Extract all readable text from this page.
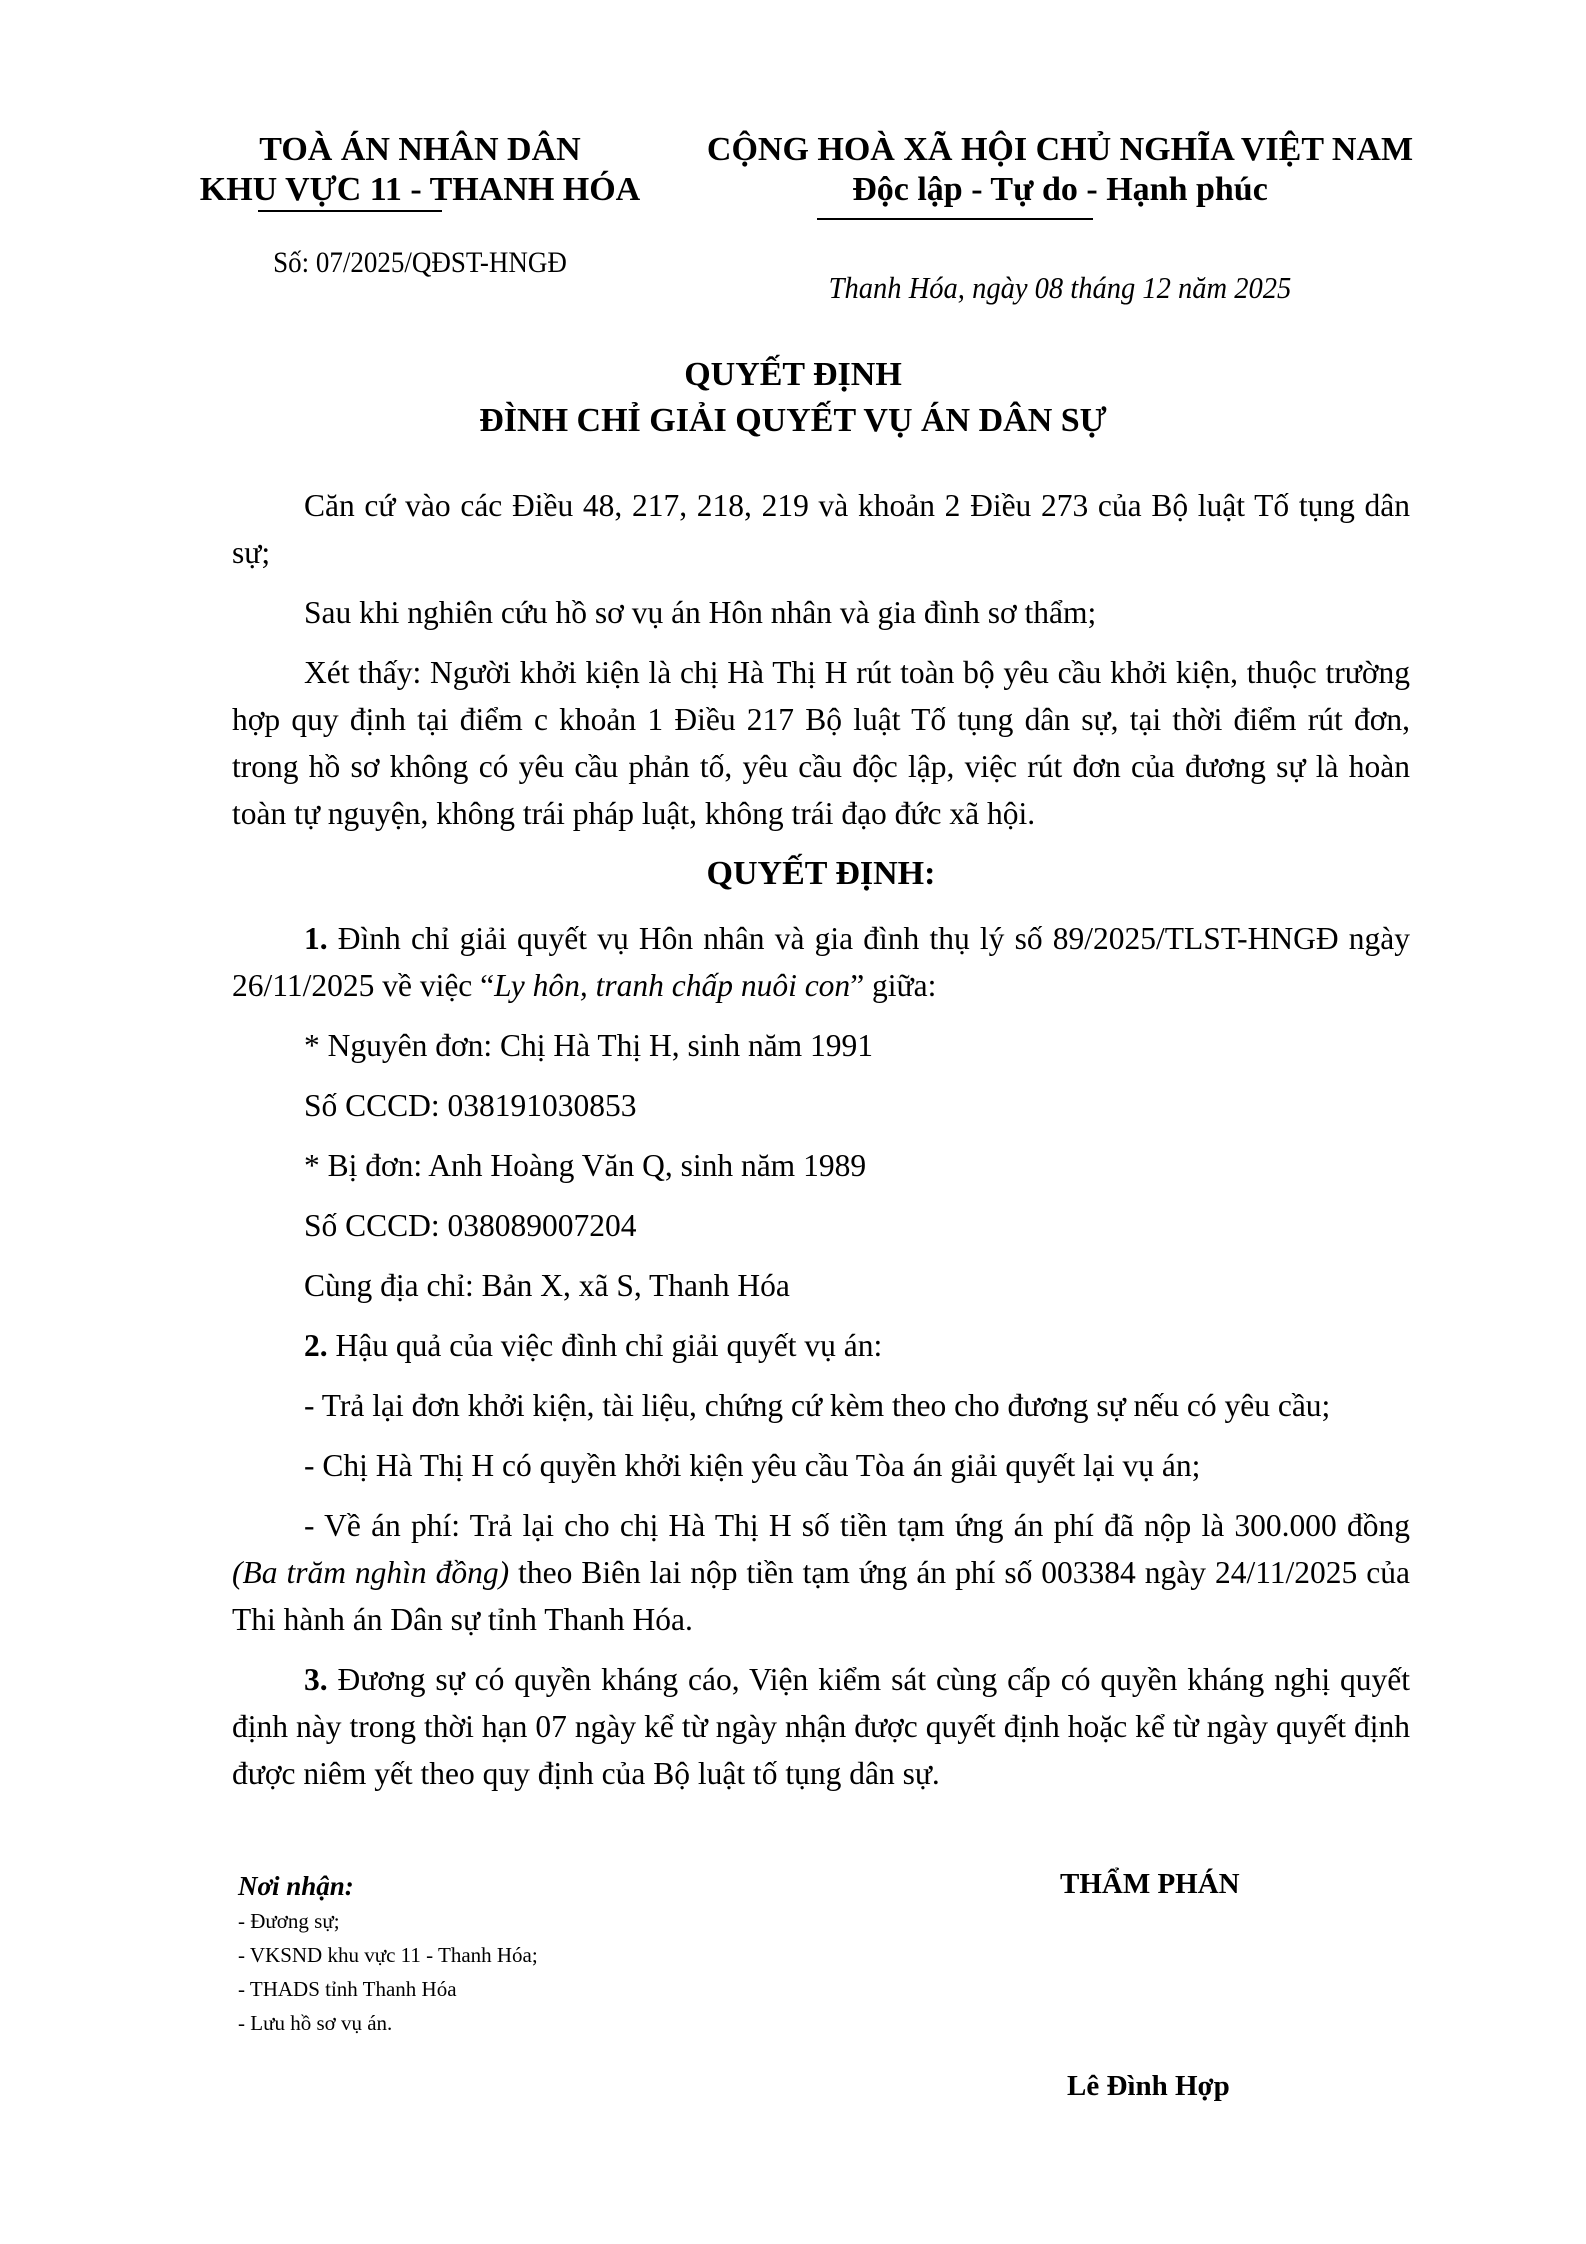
TOÀ ÁN NHÂN DÂN
KHU VỰC 11 - THANH HÓA
CỘNG HOÀ XÃ HỘI CHỦ NGHĨA VIỆT NAM
Độc lập - Tự do - Hạnh phúc
Số: 07/2025/QĐST-HNGĐ
Thanh Hóa, ngày 08 tháng 12 năm 2025
QUYẾT ĐỊNH
ĐÌNH CHỈ GIẢI QUYẾT VỤ ÁN DÂN SỰ

Căn cứ vào các Điều 48, 217, 218, 219 và khoản 2 Điều 273 của Bộ luật Tố tụng dân sự;

Sau khi nghiên cứu hồ sơ vụ án Hôn nhân và gia đình sơ thẩm;

Xét thấy: Người khởi kiện là chị Hà Thị H rút toàn bộ yêu cầu khởi kiện, thuộc trường hợp quy định tại điểm c khoản 1 Điều 217 Bộ luật Tố tụng dân sự, tại thời điểm rút đơn, trong hồ sơ không có yêu cầu phản tố, yêu cầu độc lập, việc rút đơn của đương sự là hoàn toàn tự nguyện, không trái pháp luật, không trái đạo đức xã hội.

QUYẾT ĐỊNH:

1. Đình chỉ giải quyết vụ Hôn nhân và gia đình thụ lý số 89/2025/TLST-HNGĐ ngày 26/11/2025 về việc “Ly hôn, tranh chấp nuôi con” giữa:

* Nguyên đơn: Chị Hà Thị H, sinh năm 1991

Số CCCD: 038191030853

* Bị đơn: Anh Hoàng Văn Q, sinh năm 1989

Số CCCD: 038089007204

Cùng địa chỉ: Bản X, xã S, Thanh Hóa

2. Hậu quả của việc đình chỉ giải quyết vụ án:

- Trả lại đơn khởi kiện, tài liệu, chứng cứ kèm theo cho đương sự nếu có yêu cầu;

- Chị Hà Thị H có quyền khởi kiện yêu cầu Tòa án giải quyết lại vụ án;

- Về án phí: Trả lại cho chị Hà Thị H số tiền tạm ứng án phí đã nộp là 300.000 đồng (Ba trăm nghìn đồng) theo Biên lai nộp tiền tạm ứng án phí số 003384 ngày 24/11/2025 của Thi hành án Dân sự tỉnh Thanh Hóa.

3. Đương sự có quyền kháng cáo, Viện kiểm sát cùng cấp có quyền kháng nghị quyết định này trong thời hạn 07 ngày kể từ ngày nhận được quyết định hoặc kể từ ngày quyết định được niêm yết theo quy định của Bộ luật tố tụng dân sự.

Nơi nhận:
- Đương sự;
- VKSND khu vực 11 - Thanh Hóa;
- THADS tỉnh Thanh Hóa
- Lưu hồ sơ vụ án.
THẨM PHÁN
Lê Đình Hợp
